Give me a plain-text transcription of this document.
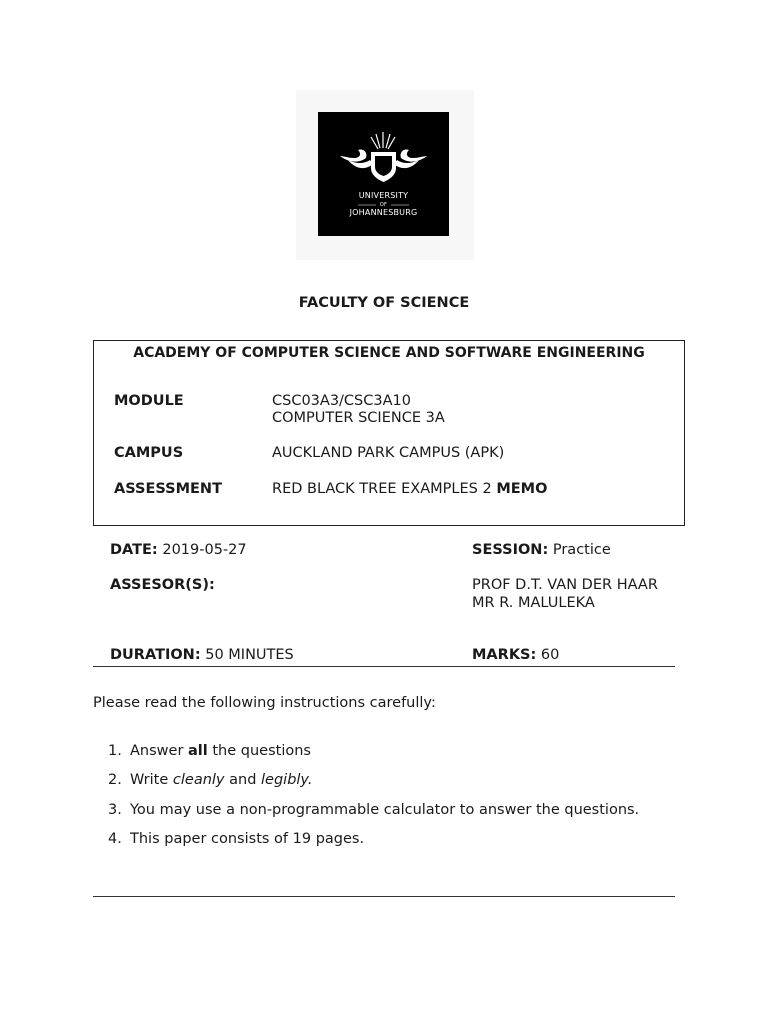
UNIVERSITY
OF
JOHANNESBURG
FACULTY OF SCIENCE
ACADEMY OF COMPUTER SCIENCE AND SOFTWARE ENGINEERING
MODULE	CSC03A3/CSC3A10
COMPUTER SCIENCE 3A
CAMPUS	AUCKLAND PARK CAMPUS (APK)
ASSESSMENT	RED BLACK TREE EXAMPLES 2 MEMO
DATE: 2019-05-27	SESSION: Practice
ASSESOR(S):	PROF D.T. VAN DER HAAR
MR R. MALULEKA
DURATION: 50 MINUTES	MARKS: 60
Please read the following instructions carefully:
1. Answer all the questions
2. Write cleanly and legibly.
3. You may use a non-programmable calculator to answer the questions.
4. This paper consists of 19 pages.
